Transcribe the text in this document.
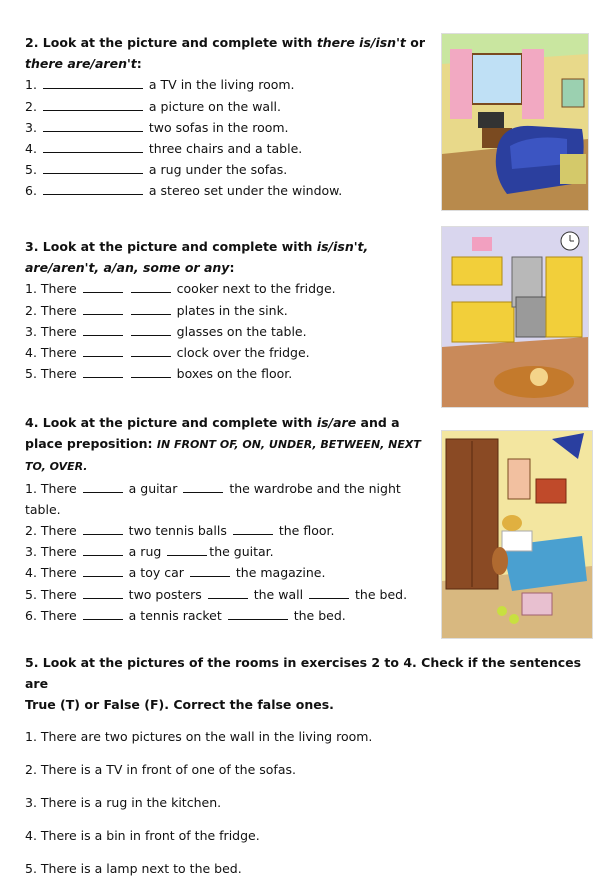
2. Look at the picture and complete with there is/isn't or
there are/aren't:
1.	a TV in the living room.
2.	a picture on the wall.
3.	two sofas in the room.
4.	three chairs and a table.
5.	a rug under the sofas.
6.	a stereo set under the window.
3. Look at the picture and complete with is/isn't,
are/aren't, a/an, some or any:
1. There	cooker next to the fridge.
2. There	plates in the sink.
3. There	glasses on the table.
4. There	clock over the fridge.
5. There	boxes on the floor.
4. Look at the picture and complete with is/are and a
place preposition: IN FRONT OF, ON, UNDER, BETWEEN, NEXT
TO, OVER.
1. There	a guitar	the wardrobe and the night
table.
2. There	two tennis balls	the floor.
3. There	a rug	the guitar.
4. There	a toy car	the magazine.
5. There	two posters	the wall	the bed.
6. There	a tennis racket	the bed.
5. Look at the pictures of the rooms in exercises 2 to 4. Check if the sentences are
True (T) or False (F). Correct the false ones.
1. There are two pictures on the wall in the living room.
2. There is a TV in front of one of the sofas.
3. There is a rug in the kitchen.
4. There is a bin in front of the fridge.
5. There is a lamp next to the bed.
